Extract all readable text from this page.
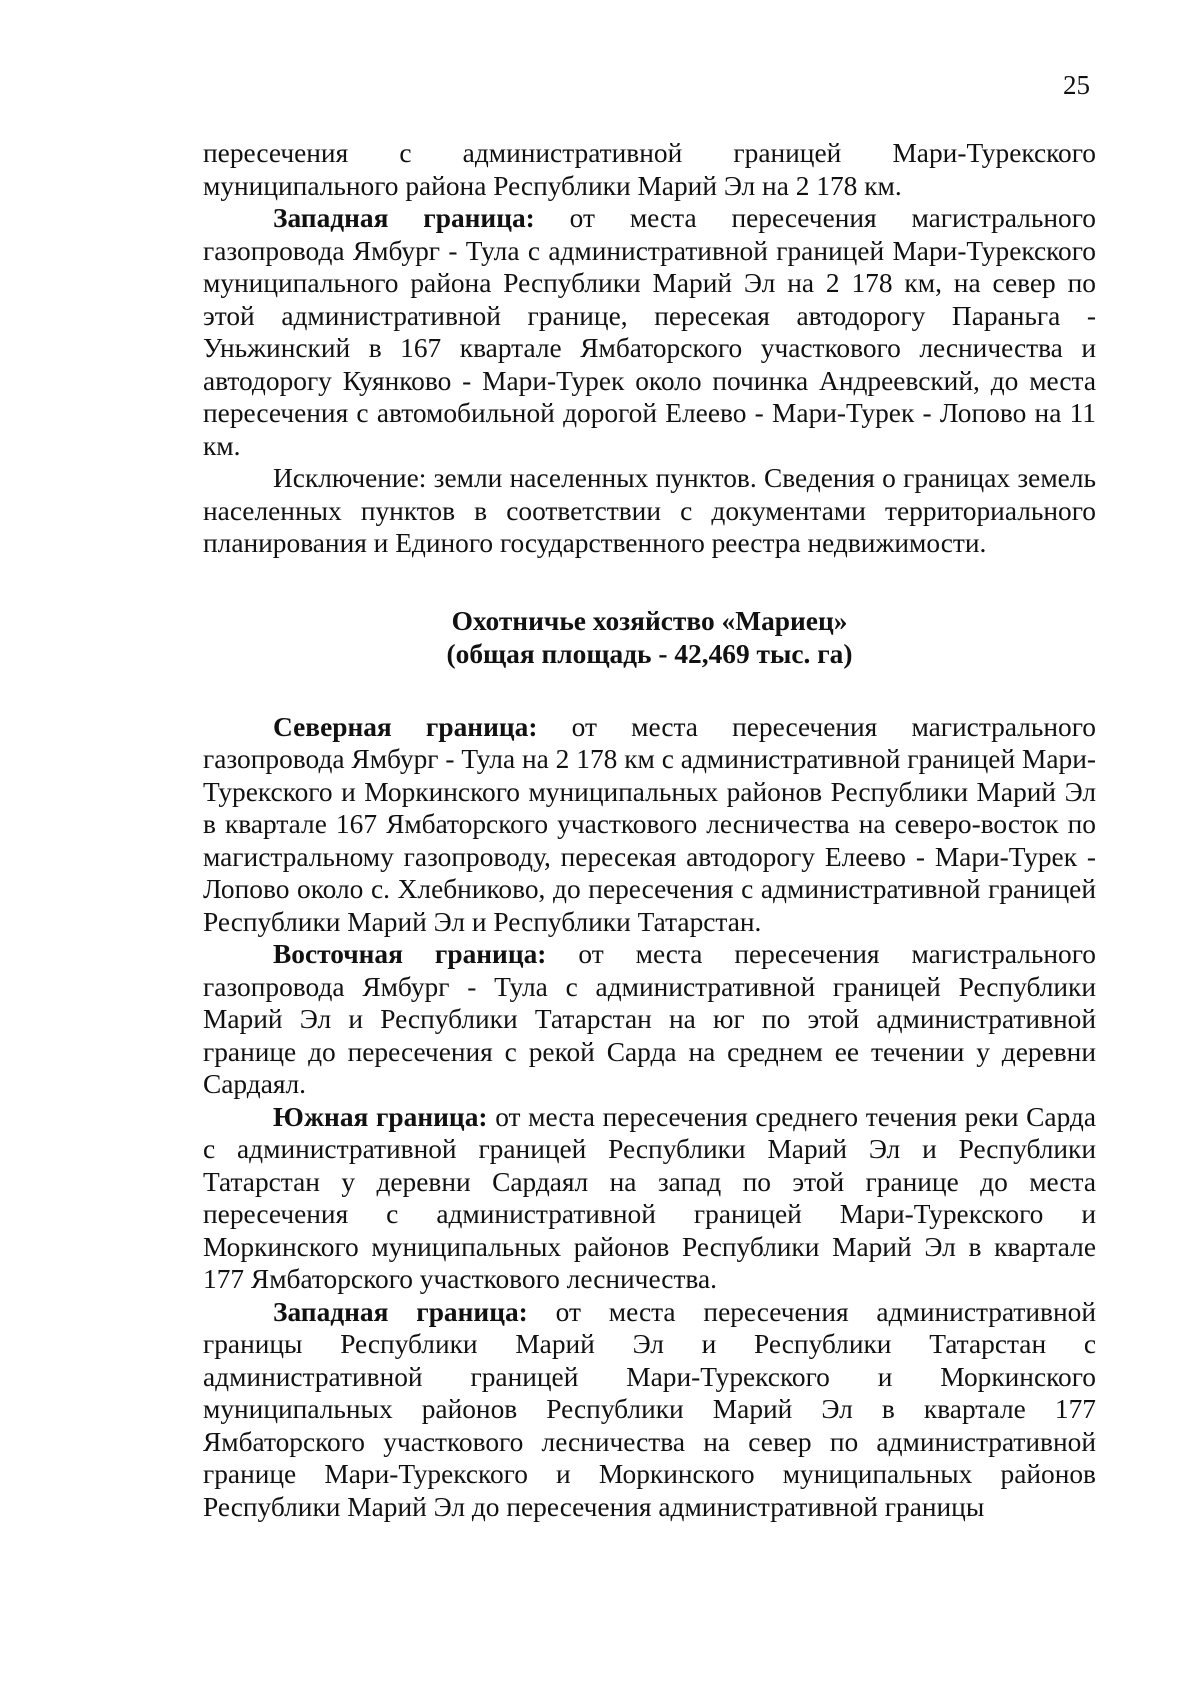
25

пересечения с административной границей Мари-Турекского муниципального района Республики Марий Эл на 2 178 км.

Западная граница: от места пересечения магистрального газопровода Ямбург - Тула с административной границей Мари-Турекского муниципального района Республики Марий Эл на 2 178 км, на север по этой административной границе, пересекая автодорогу Параньга - Уньжинский в 167 квартале Ямбаторского участкового лесничества и автодорогу Куянково - Мари-Турек около починка Андреевский, до места пересечения с автомобильной дорогой Елеево - Мари-Турек - Лопово на 11 км.

Исключение: земли населенных пунктов. Сведения о границах земель населенных пунктов в соответствии с документами территориального планирования и Единого государственного реестра недвижимости.

Охотничье хозяйство «Мариец»
(общая площадь - 42,469 тыс. га)

Северная граница: от места пересечения магистрального газопровода Ямбург - Тула на 2 178 км с административной границей Мари-Турекского и Моркинского муниципальных районов Республики Марий Эл в квартале 167 Ямбаторского участкового лесничества на северо-восток по магистральному газопроводу, пересекая автодорогу Елеево - Мари-Турек - Лопово около с. Хлебниково, до пересечения с административной границей Республики Марий Эл и Республики Татарстан.

Восточная граница: от места пересечения магистрального газопровода Ямбург - Тула с административной границей Республики Марий Эл и Республики Татарстан на юг по этой административной границе до пересечения с рекой Сарда на среднем ее течении у деревни Сардаял.

Южная граница: от места пересечения среднего течения реки Сарда с административной границей Республики Марий Эл и Республики Татарстан у деревни Сардаял на запад по этой границе до места пересечения с административной границей Мари-Турекского и Моркинского муниципальных районов Республики Марий Эл в квартале 177 Ямбаторского участкового лесничества.

Западная граница: от места пересечения административной границы Республики Марий Эл и Республики Татарстан с административной границей Мари-Турекского и Моркинского муниципальных районов Республики Марий Эл в квартале 177 Ямбаторского участкового лесничества на север по административной границе Мари-Турекского и Моркинского муниципальных районов Республики Марий Эл до пересечения административной границы
